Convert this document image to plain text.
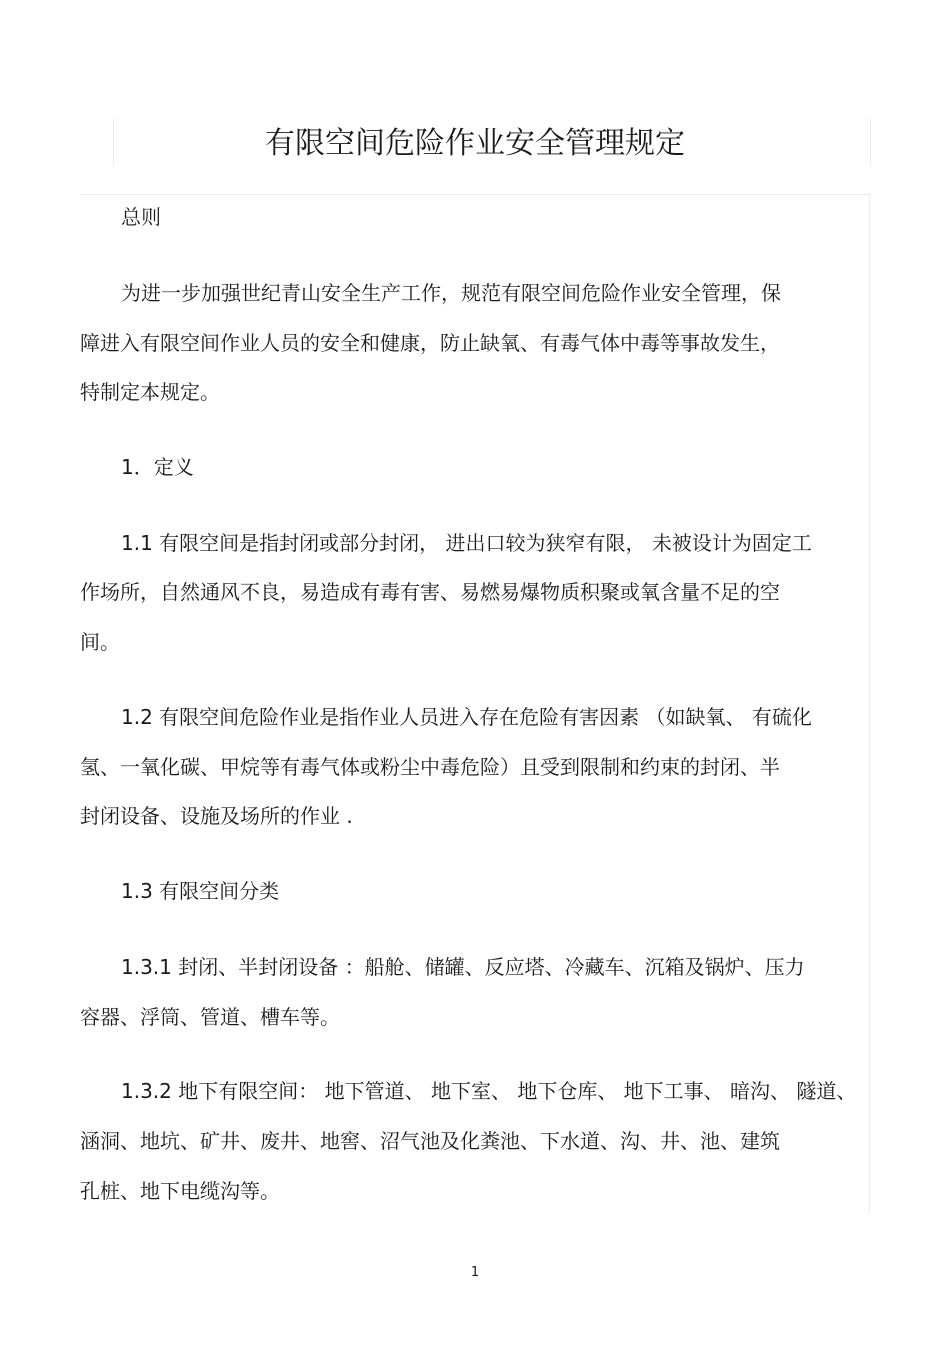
有限空间危险作业安全管理规定

总则

为进一步加强世纪青山安全生产工作，规范有限空间危险作业安全管理，保

障进入有限空间作业人员的安全和健康，防止缺氧、有毒气体中毒等事故发生，

特制定本规定。

1．定义

1.1 有限空间是指封闭或部分封闭， 进出口较为狭窄有限， 未被设计为固定工

作场所，自然通风不良，易造成有毒有害、易燃易爆物质积聚或氧含量不足的空

间。

1.2 有限空间危险作业是指作业人员进入存在危险有害因素 （如缺氧、 有硫化

氢、一氧化碳、甲烷等有毒气体或粉尘中毒危险）且受到限制和约束的封闭、半

封闭设备、设施及场所的作业 .

1.3 有限空间分类

1.3.1 封闭、半封闭设备 ：船舱、储罐、反应塔、冷藏车、沉箱及锅炉、压力

容器、浮筒、管道、槽车等。

1.3.2 地下有限空间： 地下管道、 地下室、 地下仓库、 地下工事、 暗沟、 隧道、

涵洞、地坑、矿井、废井、地窖、沼气池及化粪池、下水道、沟、井、池、建筑

孔桩、地下电缆沟等。

1
